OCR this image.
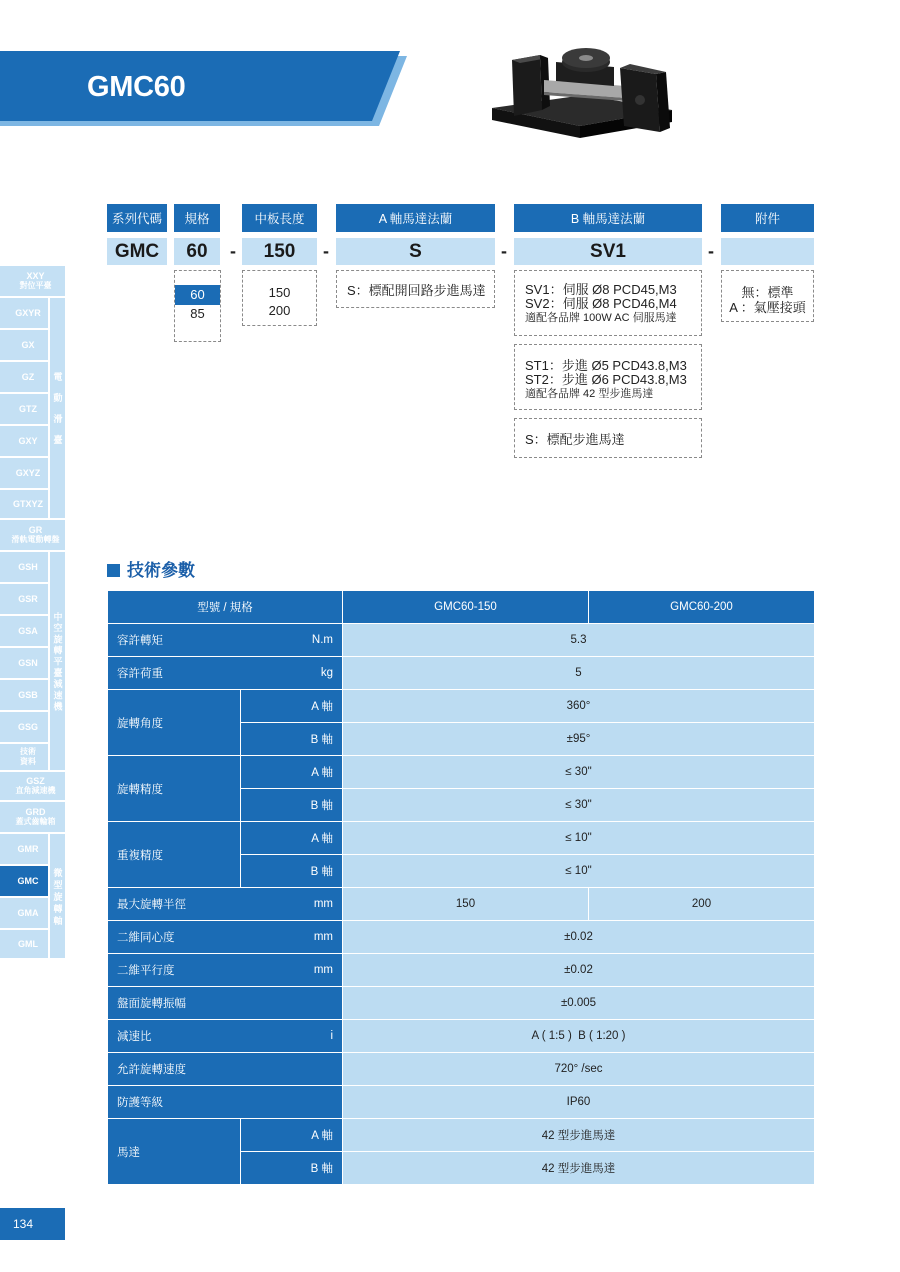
GMC60
XXY
對位平臺
GXYR
GX
GZ
GTZ
GXY
GXYZ
GTXYZ
電動滑臺
GR
滑軌電動轉盤
GSH
GSR
GSA
GSN
GSB
GSG
技術
資料
中空旋轉平臺減速機
GSZ
直角減速機
GRD
蓋式齒輪箱
GMR
GMC
GMA
GML
微型旋轉軸
系列代碼	規格	中板長度	A 軸馬達法蘭	B 軸馬達法蘭	附件
GMC	60	-	150	-	S	-	SV1	-
60
85
150
200
S：標配開回路步進馬達	SV1：伺服 Ø8 PCD45,M3
SV2：伺服 Ø8 PCD46,M4
適配各品牌 100W AC 伺服馬達
ST1：步進 Ø5 PCD43.8,M3
ST2：步進 Ø6 PCD43.8,M3
適配各品牌 42 型步進馬達
S：標配步進馬達
無：標準
A ：氣壓接頭
技術參數
型號 / 規格		GMC60-150	GMC60-200

容許轉矩 N.m		5.3	

容許荷重 kg		5	
旋轉角度	A 軸	360°	
	B 軸	±95°	
旋轉精度	A 軸	≤ 30"	
	B 軸	≤ 30"	
重複精度	A 軸	≤ 10"	
	B 軸	≤ 10"	

最大旋轉半徑 mm		150	200

二維同心度 mm		±0.02	

二維平行度 mm		±0.02	
盤面旋轉振幅		±0.005	

減速比 i		A ( 1:5 )  B ( 1:20 )	
允許旋轉速度		720° /sec	
防護等級		IP60	
馬達	A 軸	42 型步進馬達	
	B 軸	42 型步進馬達	
134
